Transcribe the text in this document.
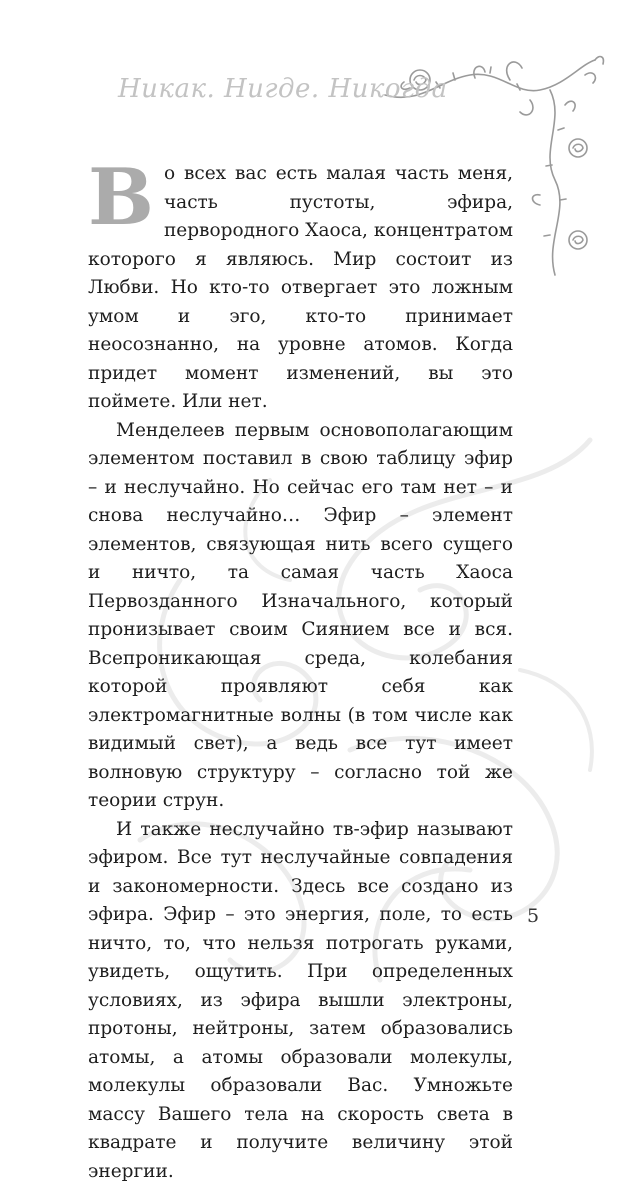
Никак. Нигде. Никогда

Во всех вас есть малая часть меня, часть пустоты, эфира, первородного Хаоса, концентратом которого я являюсь. Мир состоит из Любви. Но кто-то отвергает это ложным умом и эго, кто-то принимает неосознанно, на уровне атомов. Когда придет момент изменений, вы это поймете. Или нет.

Менделеев первым основополагающим элементом поставил в свою таблицу эфир – и неслучайно. Но сейчас его там нет – и снова неслучайно… Эфир – элемент элементов, связующая нить всего сущего и ничто, та самая часть Хаоса Первозданного Изначального, который пронизывает своим Сиянием все и вся. Всепроникающая среда, колебания которой проявляют себя как электромагнитные волны (в том числе как видимый свет), а ведь все тут имеет волновую структуру – согласно той же теории струн.

И также неслучайно тв-эфир называют эфиром. Все тут неслучайные совпадения и закономерности. Здесь все создано из эфира. Эфир – это энергия, поле, то есть ничто, то, что нельзя потрогать руками, увидеть, ощутить. При определенных условиях, из эфира вышли электроны, протоны, нейтроны, затем образовались атомы, а атомы образовали молекулы, молекулы образовали Вас. Умножьте массу Вашего тела на скорость света в квадрате и получите величину этой энергии.

5
